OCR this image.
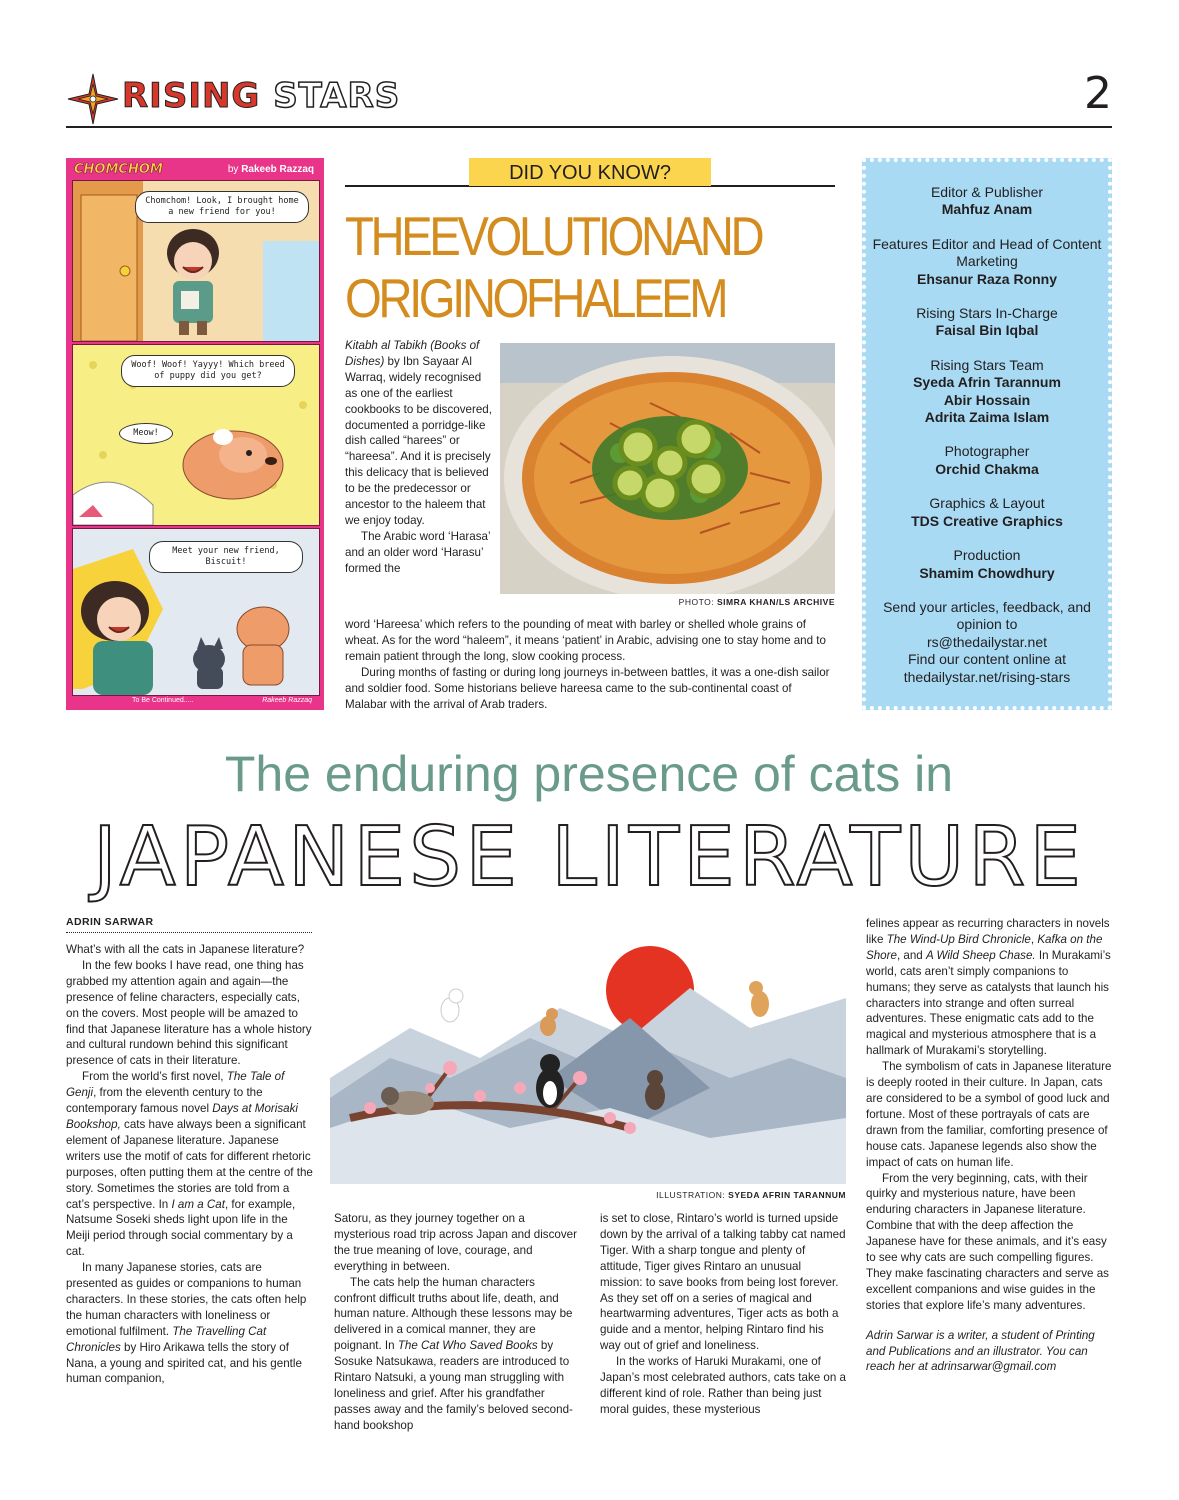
RISING STARS	2
CHOMCHOM	by Rakeeb Razzaq
Chomchom! Look, I brought home a new friend for you!
Woof! Woof! Yayyy! Which breed of puppy did you get?
Meow!
Meet your new friend, Biscuit!
To Be Continued.....	Rakeeb Razzaq
DID YOU KNOW?
THEEVOLUTIONAND
ORIGINOFHALEEM
PHOTO: SIMRA KHAN/LS ARCHIVE

Kitabh al Tabikh (Books of Dishes) by Ibn Sayaar Al Warraq, widely recognised as one of the earliest cookbooks to be discovered, documented a porridge-like dish called “harees” or “hareesa”. And it is precisely this delicacy that is believed to be the predecessor or ancestor to the haleem that we enjoy today.

The Arabic word ‘Harasa’ and an older word ‘Harasu’ formed the

word ‘Hareesa’ which refers to the pounding of meat with barley or shelled whole grains of wheat. As for the word “haleem”, it means ‘patient’ in Arabic, advising one to stay home and to remain patient through the long, slow cooking process.

During months of fasting or during long journeys in-between battles, it was a one-dish sailor and soldier food. Some historians believe hareesa came to the sub-continental coast of Malabar with the arrival of Arab traders.

Editor & Publisher
Mahfuz Anam
Features Editor and Head of Content Marketing
Ehsanur Raza Ronny
Rising Stars In-Charge
Faisal Bin Iqbal
Rising Stars Team
Syeda Afrin Tarannum
Abir Hossain
Adrita Zaima Islam
Photographer
Orchid Chakma
Graphics & Layout
TDS Creative Graphics
Production
Shamim Chowdhury
Send your articles, feedback, and opinion to
rs@thedailystar.net
Find our content online at
thedailystar.net/rising-stars
The enduring presence of cats in
JAPANESE LITERATURE
ADRIN SARWAR

What’s with all the cats in Japanese literature?

In the few books I have read, one thing has grabbed my attention again and again—the presence of feline characters, especially cats, on the covers. Most people will be amazed to find that Japanese literature has a whole history and cultural rundown behind this significant presence of cats in their literature.

From the world’s first novel, The Tale of Genji, from the eleventh century to the contemporary famous novel Days at Morisaki Bookshop, cats have always been a significant element of Japanese literature. Japanese writers use the motif of cats for different rhetoric purposes, often putting them at the centre of the story. Sometimes the stories are told from a cat’s perspective. In I am a Cat, for example, Natsume Soseki sheds light upon life in the Meiji period through social commentary by a cat.

In many Japanese stories, cats are presented as guides or companions to human characters. In these stories, the cats often help the human characters with loneliness or emotional fulfilment. The Travelling Cat Chronicles by Hiro Arikawa tells the story of Nana, a young and spirited cat, and his gentle human companion,

ILLUSTRATION: SYEDA AFRIN TARANNUM

Satoru, as they journey together on a mysterious road trip across Japan and discover the true meaning of love, courage, and everything in between.

The cats help the human characters confront difficult truths about life, death, and human nature. Although these lessons may be delivered in a comical manner, they are poignant. In The Cat Who Saved Books by Sosuke Natsukawa, readers are introduced to Rintaro Natsuki, a young man struggling with loneliness and grief. After his grandfather passes away and the family’s beloved second-hand bookshop

is set to close, Rintaro’s world is turned upside down by the arrival of a talking tabby cat named Tiger. With a sharp tongue and plenty of attitude, Tiger gives Rintaro an unusual mission: to save books from being lost forever. As they set off on a series of magical and heartwarming adventures, Tiger acts as both a guide and a mentor, helping Rintaro find his way out of grief and loneliness.

In the works of Haruki Murakami, one of Japan’s most celebrated authors, cats take on a different kind of role. Rather than being just moral guides, these mysterious

felines appear as recurring characters in novels like The Wind-Up Bird Chronicle, Kafka on the Shore, and A Wild Sheep Chase. In Murakami’s world, cats aren’t simply companions to humans; they serve as catalysts that launch his characters into strange and often surreal adventures. These enigmatic cats add to the magical and mysterious atmosphere that is a hallmark of Murakami’s storytelling.

The symbolism of cats in Japanese literature is deeply rooted in their culture. In Japan, cats are considered to be a symbol of good luck and fortune. Most of these portrayals of cats are drawn from the familiar, comforting presence of house cats. Japanese legends also show the impact of cats on human life.

From the very beginning, cats, with their quirky and mysterious nature, have been enduring characters in Japanese literature. Combine that with the deep affection the Japanese have for these animals, and it’s easy to see why cats are such compelling figures. They make fascinating characters and serve as excellent companions and wise guides in the stories that explore life’s many adventures.

Adrin Sarwar is a writer, a student of Printing and Publications and an illustrator. You can reach her at adrinsarwar@gmail.com
